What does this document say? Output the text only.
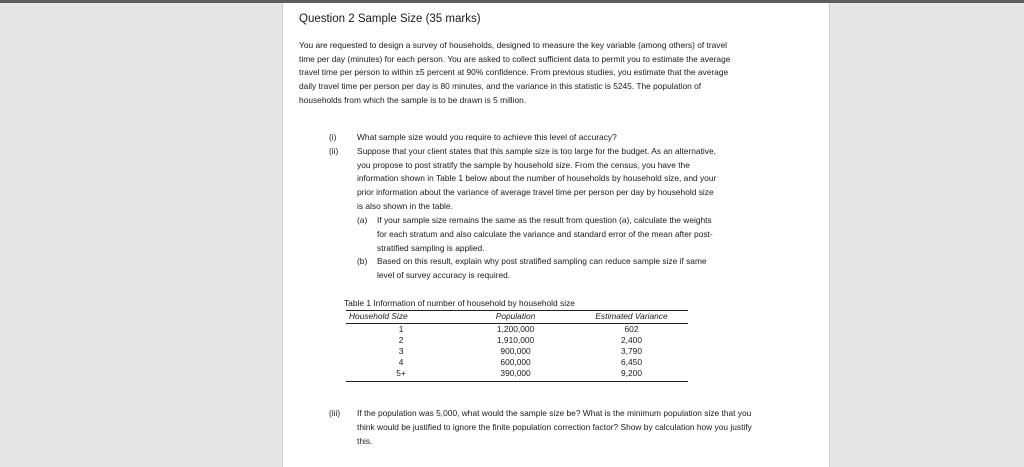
Question 2 Sample Size (35 marks)

You are requested to design a survey of households, designed to measure the key variable (among others) of travel time per day (minutes) for each person. You are asked to collect sufficient data to permit you to estimate the average travel time per person to within ±5 percent at 90% confidence. From previous studies, you estimate that the average daily travel time per person per day is 80 minutes, and the variance in this statistic is 5245. The population of households from which the sample is to be drawn is 5 million.

(i) What sample size would you require to achieve this level of accuracy?
(ii) Suppose that your client states that this sample size is too large for the budget. As an alternative, you propose to post stratify the sample by household size. From the census, you have the information shown in Table 1 below about the number of households by household size, and your prior information about the variance of average travel time per person per day by household size is also shown in the table.
(a) If your sample size remains the same as the result from question (a), calculate the weights for each stratum and also calculate the variance and standard error of the mean after post-stratified sampling is applied.
(b) Based on this result, explain why post stratified sampling can reduce sample size if same level of survey accuracy is required.

Table 1 Information of number of household by household size

Household Size	Population	Estimated Variance
1	1,200,000	602
2	1,910,000	2,400
3	900,000	3,790
4	600,000	6,450
5+	390,000	9,200
(iii) If the population was 5,000, what would the sample size be? What is the minimum population size that you think would be justified to ignore the finite population correction factor? Show by calculation how you justify this.
